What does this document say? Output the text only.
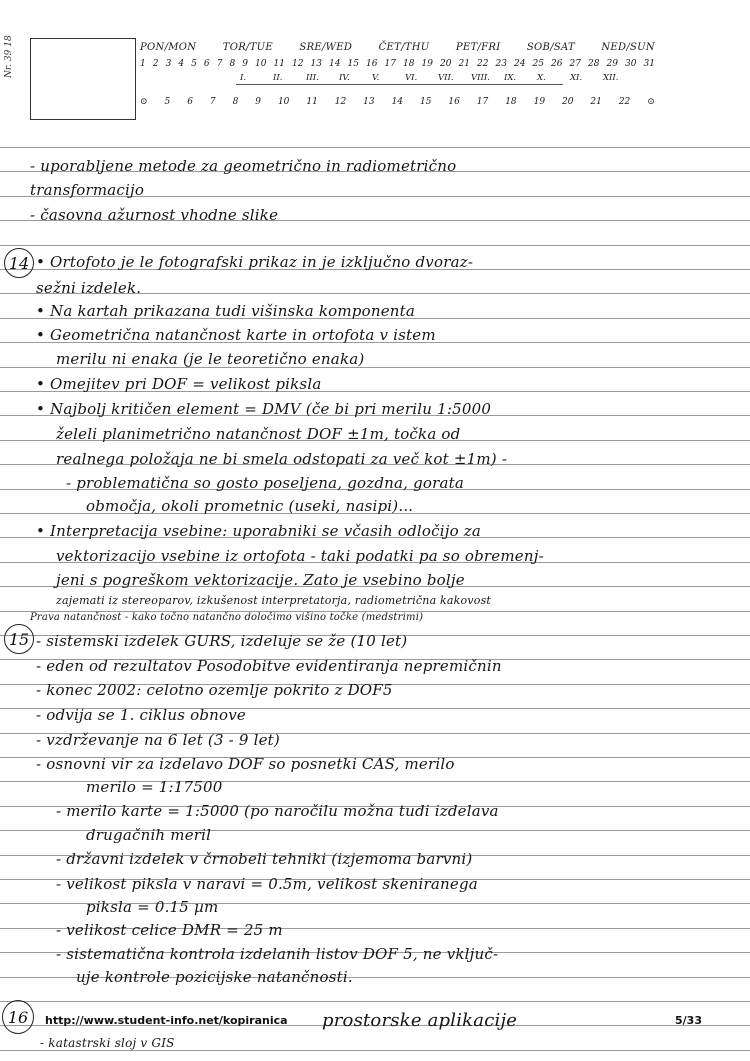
Nr. 39 18	PON/MON	TOR/TUE	SRE/WED	ČET/THU	PET/FRI	SOB/SAT	NED/SUN
1 2 3 4 5 6 7 8 9 10 11 12 13 14 15 16 17 18 19 20 21 22 23 24 25 26 27 28 29 30 31
I.	II.	III. IV.	V.	VI. VII. VIII. IX. X.	XI. XII.
⊙ 5 6 7 8 9 10 11 12 13 14 15 16 17 18 19 20 21 22 ⊙
- uporabljene metode za geometrično in radiometrično
transformacijo
- časovna ažurnost vhodne slike
14 • Ortofoto je le fotografski prikaz in je izključno dvorаz-
sežni izdelek.
• Na kartah prikazana tudi višinska komponenta
• Geometrična natančnost karte in ortofota v istem
merilu ni enaka (je le teoretično enaka)
• Omejitev pri DOF = velikost piksla
• Najbolj kritičen element = DMV (če bi pri merilu 1:5000
želeli planimetrično natančnost DOF ±1m, točka od
realnega položaja ne bi smela odstopati za več kot ±1m) -
- problematična so gosto poseljena, gozdna, gorata
območja, okoli prometnic (useki, nasipi)...
• Interpretacija vsebine: uporabniki se včasih odločijo za
vektorizacijo vsebine iz ortofota - taki podatki pa so obremenj-
jeni s pogreškom vektorizacije. Zato je vsebino bolje
zajemati iz stereoparov, izkušenost interpretatorja, radiometrična kakovost
Prava natančnost - kako točno natančno določimo višino točke (medstrimi)
15 - sistemski izdelek GURS, izdeluje se že (10 let)
- eden od rezultatov Posodobitve evidentiranja nepremičnin
- konec 2002: celotno ozemlje pokrito z DOF5
- odvija se 1. ciklus obnove
- vzdrževanje na 6 let (3 - 9 let)
- osnovni vir za izdelavo DOF so posnetki CAS, merilo
merilo = 1:17500
- merilo karte = 1:5000 (po naročilu možna tudi izdelava
drugačnih meril
- državni izdelek v črnobeli tehniki (izjemoma barvni)
- velikost piksla v naravi = 0.5m, velikost skeniranega
piksla = 0.15 µm
- velikost celice DMR = 25 m
- sistematična kontrola izdelanih listov DOF 5, ne vključ-
uje kontrole pozicijske natančnosti.
16	prostorske aplikacije
- katastrski sloj v GIS
http://www.student-info.net/kopiranica	5/33
